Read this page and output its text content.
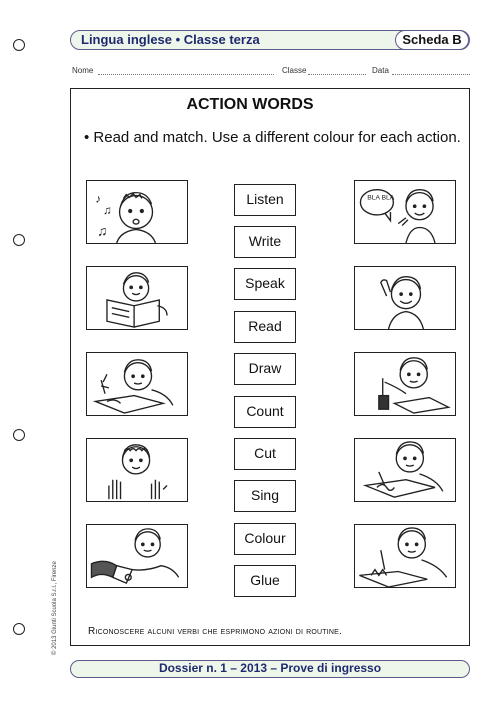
Lingua inglese • Classe terza	Scheda B
Nome	Classe	Data
ACTION WORDS
• Read and match. Use a different colour for each action.
♪
♫
♫
Listen
Write
Speak
Read
Draw
Count
Cut
Sing
Colour
Glue
BLA BLA
Riconoscere alcuni verbi che esprimono azioni di routine.
© 2013 Giunti Scuola S.r.l., Firenze
Dossier n. 1 – 2013 – Prove di ingresso
